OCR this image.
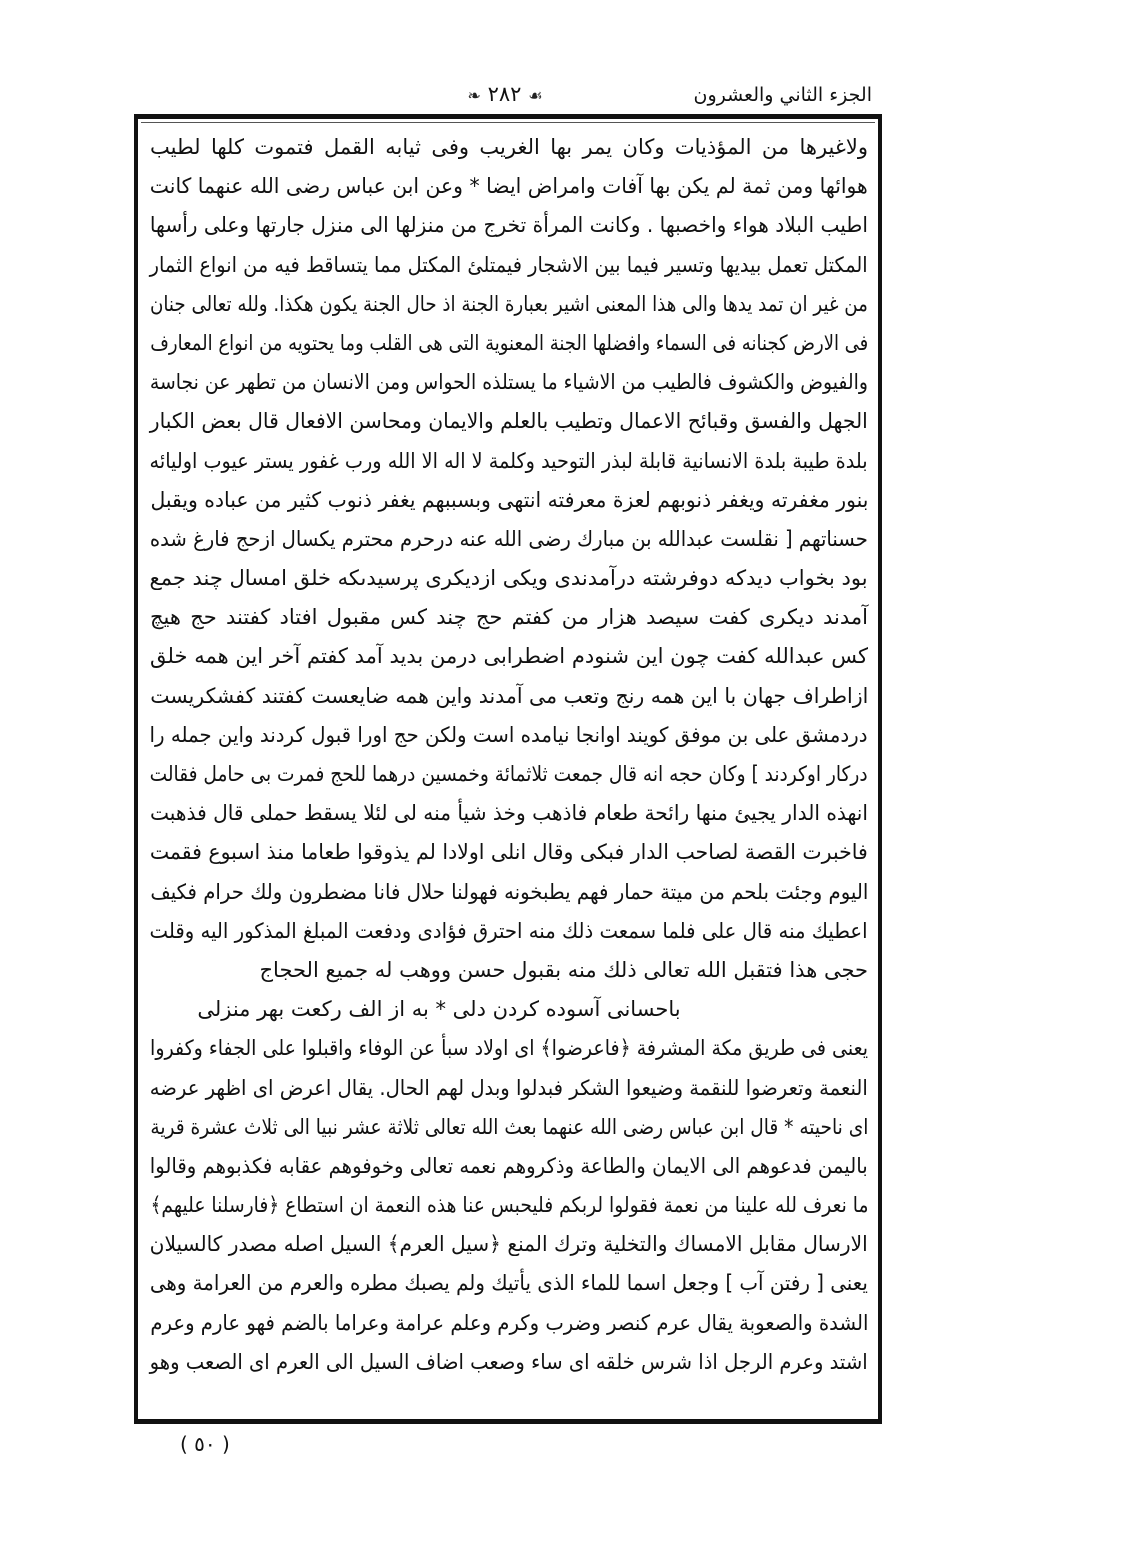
الجزء الثاني والعشرون
☙ ٢٨٢ ❧
ولاغيرها من المؤذيات وكان يمر بها الغريب وفى ثيابه القمل فتموت كلها لطيب
هوائها ومن ثمة لم يكن بها آفات وامراض ايضا * وعن ابن عباس رضى الله عنهما كانت
اطيب البلاد هواء واخصبها . وكانت المرأة تخرج من منزلها الى منزل جارتها وعلى رأسها
المكتل تعمل بيديها وتسير فيما بين الاشجار فيمتلئ المكتل مما يتساقط فيه من انواع الثمار
من غير ان تمد يدها والى هذا المعنى اشير بعبارة الجنة اذ حال الجنة يكون هكذا. ولله تعالى جنان
فى الارض كجنانه فى السماء وافضلها الجنة المعنوية التى هى القلب وما يحتويه من انواع المعارف
والفيوض والكشوف فالطيب من الاشياء ما يستلذه الحواس ومن الانسان من تطهر عن نجاسة
الجهل والفسق وقبائح الاعمال وتطيب بالعلم والايمان ومحاسن الافعال قال بعض الكبار
بلدة طيبة بلدة الانسانية قابلة لبذر التوحيد وكلمة لا اله الا الله ورب غفور يستر عيوب اوليائه
بنور مغفرته ويغفر ذنوبهم لعزة معرفته انتهى وبسببهم يغفر ذنوب كثير من عباده ويقبل
حسناتهم [ نقلست عبدالله بن مبارك رضى الله عنه درحرم محترم يكسال ازحج فارغ شده
بود بخواب ديدكه دوفرشته درآمدندى ويكى ازديكرى پرسيدىكه خلق امسال چند جمع
آمدند ديكرى كفت سيصد هزار من كفتم حج چند كس مقبول افتاد كفتند حج هيچ
كس عبدالله كفت چون اين شنودم اضطرابى درمن بديد آمد كفتم آخر اين همه خلق
ازاطراف جهان با اين همه رنج وتعب مى آمدند واين همه ضايعست كفتند كفشكريست
دردمشق على بن موفق كويند اوانجا نيامده است ولكن حج اورا قبول كردند واين جمله را
دركار اوكردند ] وكان حجه انه قال جمعت ثلاثمائة وخمسين درهما للحج فمرت بى حامل فقالت
انهذه الدار يجيئ منها رائحة طعام فاذهب وخذ شيأ منه لى لئلا يسقط حملى قال فذهبت
فاخبرت القصة لصاحب الدار فبكى وقال انلى اولادا لم يذوقوا طعاما منذ اسبوع فقمت
اليوم وجئت بلحم من ميتة حمار فهم يطبخونه فهولنا حلال فانا مضطرون ولك حرام فكيف
اعطيك منه قال على فلما سمعت ذلك منه احترق فؤادى ودفعت المبلغ المذكور اليه وقلت
حجى هذا فتقبل الله تعالى ذلك منه بقبول حسن ووهب له جميع الحجاج
باحسانى آسوده كردن دلى * به از الف ركعت بهر منزلى
يعنى فى طريق مكة المشرفة ﴿فاعرضوا﴾ اى اولاد سبأ عن الوفاء واقبلوا على الجفاء وكفروا
النعمة وتعرضوا للنقمة وضيعوا الشكر فبدلوا وبدل لهم الحال. يقال اعرض اى اظهر عرضه
اى ناحيته * قال ابن عباس رضى الله عنهما بعث الله تعالى ثلاثة عشر نبيا الى ثلاث عشرة قرية
باليمن فدعوهم الى الايمان والطاعة وذكروهم نعمه تعالى وخوفوهم عقابه فكذبوهم وقالوا
ما نعرف لله علينا من نعمة فقولوا لربكم فليحبس عنا هذه النعمة ان استطاع ﴿فارسلنا عليهم﴾
الارسال مقابل الامساك والتخلية وترك المنع ﴿سيل العرم﴾ السيل اصله مصدر كالسيلان
يعنى [ رفتن آب ] وجعل اسما للماء الذى يأتيك ولم يصبك مطره والعرم من العرامة وهى
الشدة والصعوبة يقال عرم كنصر وضرب وكرم وعلم عرامة وعراما بالضم فهو عارم وعرم
اشتد وعرم الرجل اذا شرس خلقه اى ساء وصعب اضاف السيل الى العرم اى الصعب وهو
( ٥٠ )
